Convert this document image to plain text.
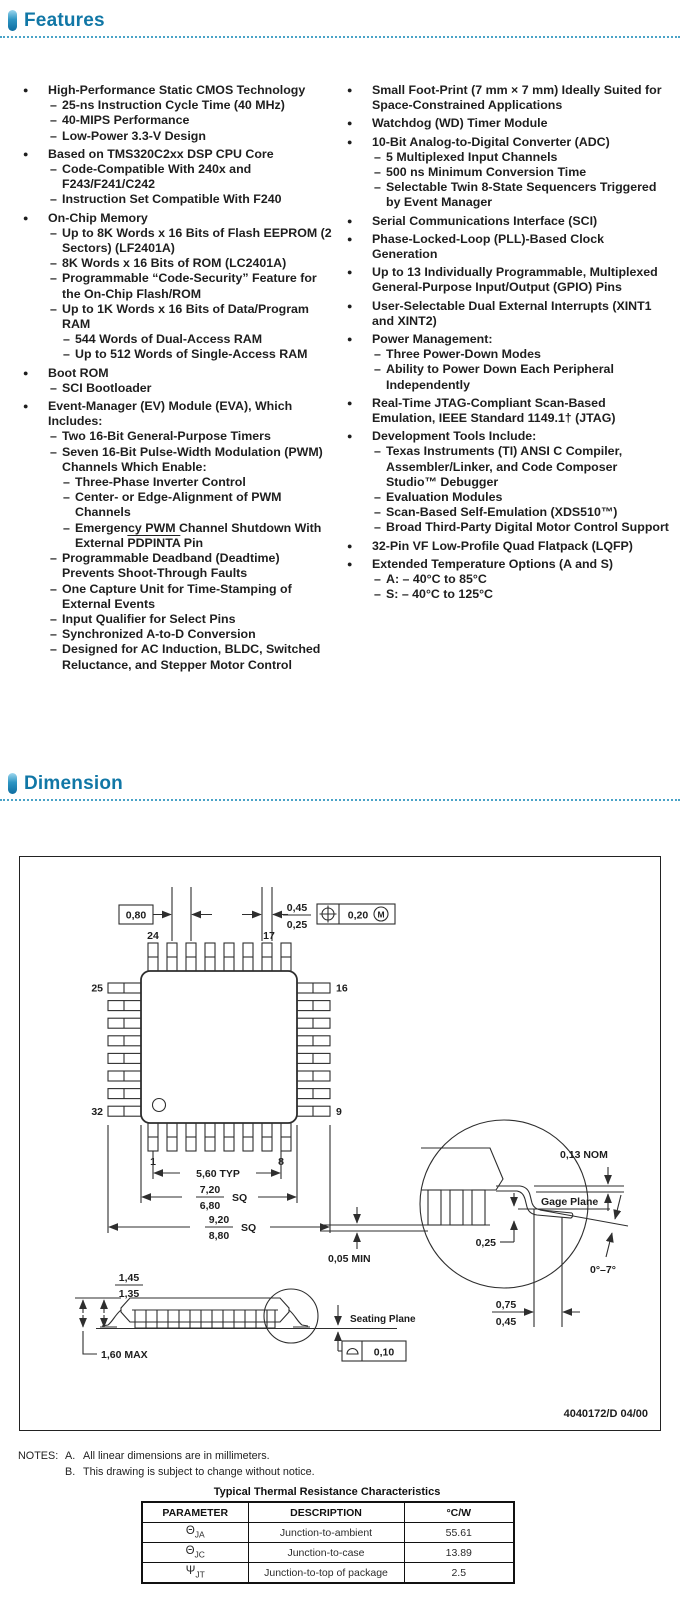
Features
●	High-Performance Static CMOS Technology
– 25-ns Instruction Cycle Time (40 MHz)
– 40-MIPS Performance
– Low-Power 3.3-V Design
●	Based on TMS320C2xx DSP CPU Core
– Code-Compatible With 240x and F243/F241/C242
– Instruction Set Compatible With F240
●	On-Chip Memory
– Up to 8K Words x 16 Bits of Flash EEPROM (2 Sectors) (LF2401A)
– 8K Words x 16 Bits of ROM (LC2401A)
– Programmable “Code-Security” Feature for the On-Chip Flash/ROM
– Up to 1K Words x 16 Bits of Data/Program RAM
– 544 Words of Dual-Access RAM
– Up to 512 Words of Single-Access RAM
●	Boot ROM
– SCI Bootloader
●	Event-Manager (EV) Module (EVA), Which Includes:
– Two 16-Bit General-Purpose Timers
– Seven 16-Bit Pulse-Width Modulation (PWM) Channels Which Enable:
– Three-Phase Inverter Control
– Center- or Edge-Alignment of PWM Channels
– Emergency PWM Channel Shutdown With External PDPINTA Pin
– Programmable Deadband (Deadtime) Prevents Shoot-Through Faults
– One Capture Unit for Time-Stamping of External Events
– Input Qualifier for Select Pins
– Synchronized A-to-D Conversion
– Designed for AC Induction, BLDC, Switched Reluctance, and Stepper Motor Control
●	Small Foot-Print (7 mm × 7 mm) Ideally Suited for Space-Constrained Applications
●	Watchdog (WD) Timer Module
●	10-Bit Analog-to-Digital Converter (ADC)
– 5 Multiplexed Input Channels
– 500 ns Minimum Conversion Time
– Selectable Twin 8-State Sequencers Triggered by Event Manager
●	Serial Communications Interface (SCI)
●	Phase-Locked-Loop (PLL)-Based Clock Generation
●	Up to 13 Individually Programmable, Multiplexed General-Purpose Input/Output (GPIO) Pins
●	User-Selectable Dual External Interrupts (XINT1 and XINT2)
●	Power Management:
– Three Power-Down Modes
– Ability to Power Down Each Peripheral Independently
●	Real-Time JTAG-Compliant Scan-Based Emulation, IEEE Standard 1149.1† (JTAG)
●	Development Tools Include:
– Texas Instruments (TI) ANSI C Compiler, Assembler/Linker, and Code Composer Studio™ Debugger
– Evaluation Modules
– Scan-Based Self-Emulation (XDS510™)
– Broad Third-Party Digital Motor Control Support
●	32-Pin VF Low-Profile Quad Flatpack (LQFP)
●	Extended Temperature Options (A and S)
– A: – 40°C to 85°C
– S: – 40°C to 125°C
Dimension
25
32
16
9
24	17
1	8
0,80
0,45
0,25
0,20 M
5,60 TYP
7,20
6,80
SQ
9,20
8,80
SQ
0,13 NOM
Gage Plane
0,25
0,05 MIN
0°–7°
0,75
0,45
1,45
1,35
1,60 MAX
Seating Plane
0,10
4040172/D 04/00
NOTES: A. All linear dimensions are in millimeters.
B. This drawing is subject to change without notice.
Typical Thermal Resistance Characteristics
PARAMETER	DESCRIPTION	°C/W
$\Theta_{JA}$	Junction-to-ambient	55.61
$\Theta_{JC}$	Junction-to-case	13.89
$\Psi_{JT}$	Junction-to-top of package	2.5
